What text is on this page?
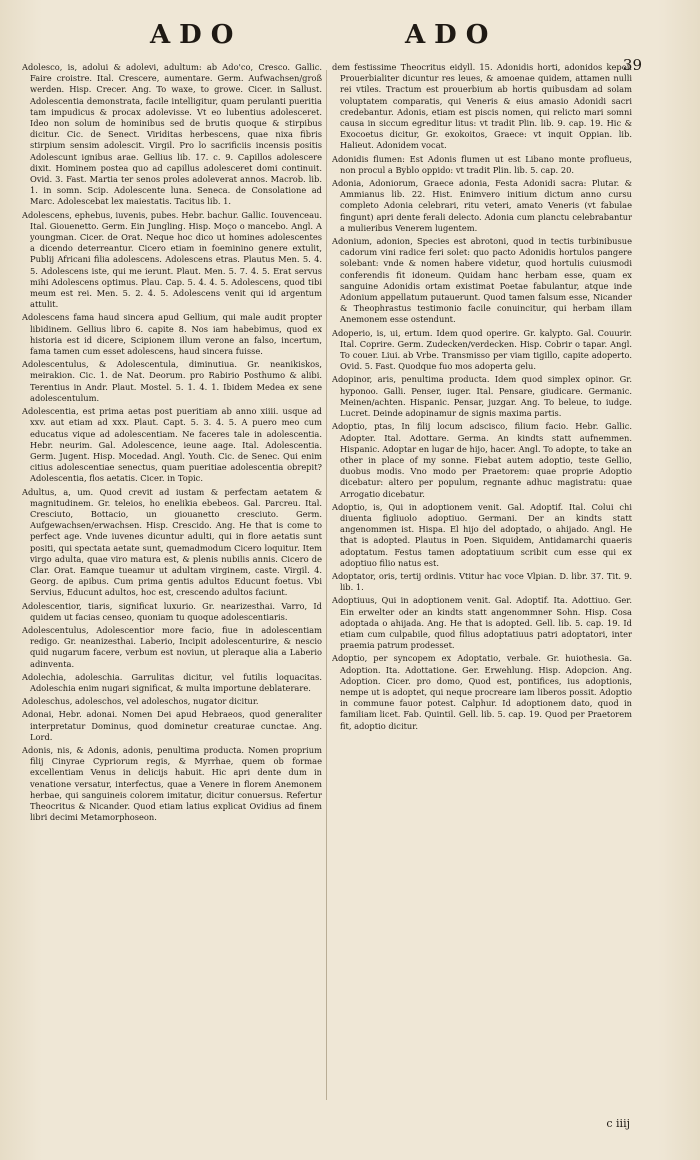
ADO	ADO
39

Adolesco, is, adolui & adolevi, adultum: ab Ado'co, Cresco. Gallic. Faire croistre. Ital. Crescere, aumentare. Germ. Aufwachsen/groß werden. Hisp. Crecer. Ang. To waxe, to growe. Cicer. in Sallust. Adolescentia demonstrata, facile intelligitur, quam perulanti pueritia tam impudicus & procax adolevisse. Vt eo lubentius adolesceret. Ideo non solum de hominibus sed de brutis quoque & stirpibus dicitur. Cic. de Senect. Viriditas herbescens, quae nixa fibris stirpium sensim adolescit. Virgil. Pro lo sacrificiis incensis positis Adolescunt ignibus arae. Gellius lib. 17. c. 9. Capillos adolescere dixit. Hominem postea quo ad capillus adolesceret domi continuit. Ovid. 3. Fast. Martia ter senos proles adoleverat annos. Macrob. lib. 1. in somn. Scip. Adolescente luna. Seneca. de Consolatione ad Marc. Adolescebat lex maiestatis. Tacitus lib. 1.

Adolescens, ephebus, iuvenis, pubes. Hebr. bachur. Gallic. Iouvenceau. Ital. Giouenetto. Germ. Ein Jungling. Hisp. Moço o mancebo. Angl. A youngman. Cicer. de Orat. Neque hoc dico ut homines adolescentes a dicendo deterreantur. Cicero etiam in foeminino genere extulit, Publij Africani filia adolescens. Adolescens etras. Plautus Men. 5. 4. 5. Adolescens iste, qui me ierunt. Plaut. Men. 5. 7. 4. 5. Erat servus mihi Adolescens optimus. Plau. Cap. 5. 4. 4. 5. Adolescens, quod tibi meum est rei. Men. 5. 2. 4. 5. Adolescens venit qui id argentum attulit.

Adolescens fama haud sincera apud Gellium, qui male audit propter libidinem. Gellius libro 6. capite 8. Nos iam habebimus, quod ex historia est id dicere, Scipionem illum verone an falso, incertum, fama tamen cum esset adolescens, haud sincera fuisse.

Adolescentulus, & Adolescentula, diminutiua. Gr. neanikiskos, meirakion. Cic. 1. de Nat. Deorum. pro Rabirio Posthumo & alibi. Terentius in Andr. Plaut. Mostel. 5. 1. 4. 1. Ibidem Medea ex sene adolescentulum.

Adolescentia, est prima aetas post pueritiam ab anno xiiii. usque ad xxv. aut etiam ad xxx. Plaut. Capt. 5. 3. 4. 5. A puero meo cum educatus vique ad adolescentiam. Ne faceres tale in adolescentia. Hebr. neurim. Gal. Adolescence, ieune aage. Ital. Adolescentia. Germ. Jugent. Hisp. Mocedad. Angl. Youth. Cic. de Senec. Qui enim citius adolescentiae senectus, quam pueritiae adolescentia obrepit? Adolescentia, flos aetatis. Cicer. in Topic.

Adultus, a, um. Quod crevit ad iustam & perfectam aetatem & magnitudinem. Gr. teleios, ho enelikia ebebeos. Gal. Parcreu. Ital. Cresciuto, Bottacio, un giouanetto cresciuto. Germ. Aufgewachsen/erwachsen. Hisp. Crescido. Ang. He that is come to perfect age. Vnde iuvenes dicuntur adulti, qui in flore aetatis sunt positi, qui spectata aetate sunt, quemadmodum Cicero loquitur. Item virgo adulta, quae viro matura est, & plenis nubilis annis. Cicero de Clar. Orat. Eamque tueamur ut adultam virginem, caste. Virgil. 4. Georg. de apibus. Cum prima gentis adultos Educunt foetus. Vbi Servius, Educunt adultos, hoc est, crescendo adultos faciunt.

Adolescentior, tiaris, significat luxurio. Gr. nearizesthai. Varro, Id quidem ut facias censeo, quoniam tu quoque adolescentiaris.

Adolescentulus, Adolescentior more facio, fiue in adolescentiam redigo. Gr. neanizesthai. Laberio, Incipit adolescenturire, & nescio quid nugarum facere, verbum est noviun, ut pleraque alia a Laberio adinventa.

Adolechia, adoleschia. Garrulitas dicitur, vel futilis loquacitas. Adoleschia enim nugari significat, & multa importune deblaterare.

Adoleschus, adoleschos, vel adoleschos, nugator dicitur.

Adonai, Hebr. adonai. Nomen Dei apud Hebraeos, quod generaliter interpretatur Dominus, quod dominetur creaturae cunctae. Ang. Lord.

Adonis, nis, & Adonis, adonis, penultima producta. Nomen proprium filij Cinyrae Cypriorum regis, & Myrrhae, quem ob formae excellentiam Venus in delicijs habuit. Hic apri dente dum in venatione versatur, interfectus, quae a Venere in florem Anemonem herbae, qui sanguineis colorem imitatur, dicitur conuersus. Refertur Theocritus & Nicander. Quod etiam latius explicat Ovidius ad finem libri decimi Metamorphoseon.

dem festissime Theocritus eidyll. 15. Adonidis horti, adonidos kepoi. Prouerbialiter dicuntur res leues, & amoenae quidem, attamen nulli rei vtiles. Tractum est prouerbium ab hortis quibusdam ad solam voluptatem comparatis, qui Veneris & eius amasio Adonidi sacri credebantur. Adonis, etiam est piscis nomen, qui relicto mari somni causa in siccum egreditur litus: vt tradit Plin. lib. 9. cap. 19. Hic & Exocoetus dicitur, Gr. exokoitos, Graece: vt inquit Oppian. lib. Halieut. Adonidem vocat.

Adonidis flumen: Est Adonis flumen ut est Libano monte proflueus, non procul a Byblo oppido: vt tradit Plin. lib. 5. cap. 20.

Adonia, Adoniorum, Graece adonia, Festa Adonidi sacra: Plutar. & Ammianus lib. 22. Hist. Enimvero initium dictum anno cursu completo Adonia celebrari, ritu veteri, amato Veneris (vt fabulae fingunt) apri dente ferali delecto. Adonia cum planctu celebrabantur a mulieribus Venerem lugentem.

Adonium, adonion, Species est abrotoni, quod in tectis turbinibusue cadorum vini radice feri solet: quo pacto Adonidis hortulos pangere solebant: vnde & nomen habere videtur, quod hortulis cuiusmodi conferendis fit idoneum. Quidam hanc herbam esse, quam ex sanguine Adonidis ortam existimat Poetae fabulantur, atque inde Adonium appellatum putauerunt. Quod tamen falsum esse, Nicander & Theophrastus testimonio facile conuincitur, qui herbam illam Anemonem esse ostendunt.

Adoperio, is, ui, ertum. Idem quod operire. Gr. kalypto. Gal. Couurir. Ital. Coprire. Germ. Zudecken/verdecken. Hisp. Cobrir o tapar. Angl. To couer. Liui. ab Vrbe. Transmisso per viam tigillo, capite adoperto. Ovid. 5. Fast. Quodque fuo mos adoperta gelu.

Adopinor, aris, penultima producta. Idem quod simplex opinor. Gr. hyponoo. Galli. Penser, iuger. Ital. Pensare, giudicare. Germanic. Meinen/achten. Hispanic. Pensar, juzgar. Ang. To beleue, to iudge. Lucret. Deinde adopinamur de signis maxima partis.

Adoptio, ptas, In filij locum adscisco, filium facio. Hebr. Gallic. Adopter. Ital. Adottare. Germa. An kindts statt aufnemmen. Hispanic. Adoptar en lugar de hijo, hacer. Angl. To adopte, to take an other in place of my sonne. Fiebat autem adoptio, teste Gellio, duobus modis. Vno modo per Praetorem: quae proprie Adoptio dicebatur: altero per populum, regnante adhuc magistratu: quae Arrogatio dicebatur.

Adoptio, is, Qui in adoptionem venit. Gal. Adoptif. Ital. Colui chi diuenta figliuolo adoptiuo. Germani. Der an kindts statt angenommen ist. Hispa. El hijo del adoptado, o ahijado. Angl. He that is adopted. Plautus in Poen. Siquidem, Antidamarchi quaeris adoptatum. Festus tamen adoptatiuum scribit cum esse qui ex adoptiuo filio natus est.

Adoptator, oris, tertij ordinis. Vtitur hac voce Vlpian. D. libr. 37. Tit. 9. lib. 1.

Adoptiuus, Qui in adoptionem venit. Gal. Adoptif. Ita. Adottiuo. Ger. Ein erwelter oder an kindts statt angenommner Sohn. Hisp. Cosa adoptada o ahijada. Ang. He that is adopted. Gell. lib. 5. cap. 19. Id etiam cum culpabile, quod filius adoptatiuus patri adoptatori, inter praemia patrum prodesset.

Adoptio, per syncopem ex Adoptatio, verbale. Gr. huiothesia. Ga. Adoption. Ita. Adottatione. Ger. Erwehlung. Hisp. Adopcion. Ang. Adoption. Cicer. pro domo, Quod est, pontifices, ius adoptionis, nempe ut is adoptet, qui neque procreare iam liberos possit. Adoptio in commune fauor potest. Calphur. Id adoptionem dato, quod in familiam licet. Fab. Quintil. Gell. lib. 5. cap. 19. Quod per Praetorem fit, adoptio dicitur.

c iiij
